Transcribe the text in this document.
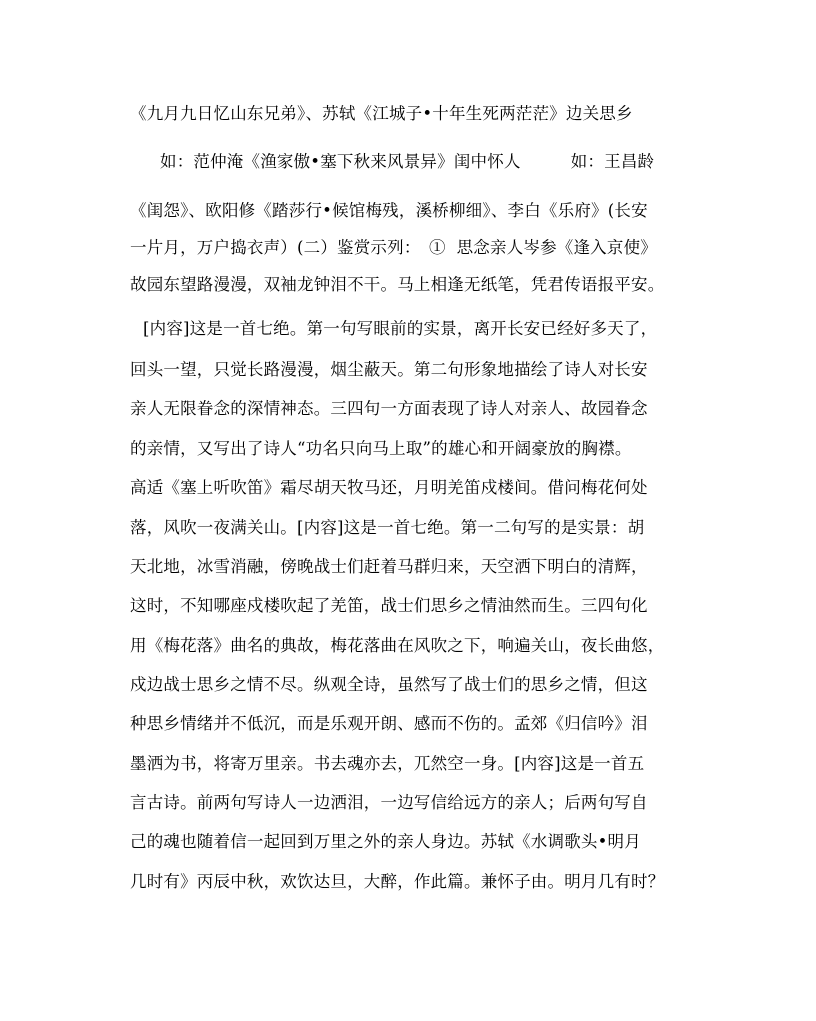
《九月九日忆山东兄弟》、苏轼《江城子•十年生死两茫茫》边关思乡
如：范仲淹《渔家傲•塞下秋来风景异》闺中怀人　　　如：王昌龄
《闺怨》、欧阳修《踏莎行•候馆梅残，溪桥柳细》、李白《乐府》(长安
一片月，万户捣衣声）(二）鉴赏示列：　①  思念亲人岑参《逢入京使》
故园东望路漫漫，双袖龙钟泪不干。马上相逢无纸笔，凭君传语报平安。
[内容]这是一首七绝。第一句写眼前的实景，离开长安已经好多天了，
回头一望，只觉长路漫漫，烟尘蔽天。第二句形象地描绘了诗人对长安
亲人无限眷念的深情神态。三四句一方面表现了诗人对亲人、故园眷念
的亲情，又写出了诗人“功名只向马上取”的雄心和开阔豪放的胸襟。
高适《塞上听吹笛》霜尽胡天牧马还，月明羌笛戍楼间。借问梅花何处
落，风吹一夜满关山。[内容]这是一首七绝。第一二句写的是实景：胡
天北地，冰雪消融，傍晚战士们赶着马群归来，天空洒下明白的清辉，
这时，不知哪座戍楼吹起了羌笛，战士们思乡之情油然而生。三四句化
用《梅花落》曲名的典故，梅花落曲在风吹之下，响遍关山，夜长曲悠，
戍边战士思乡之情不尽。纵观全诗，虽然写了战士们的思乡之情，但这
种思乡情绪并不低沉，而是乐观开朗、感而不伤的。孟郊《归信吟》泪
墨洒为书，将寄万里亲。书去魂亦去，兀然空一身。[内容]这是一首五
言古诗。前两句写诗人一边洒泪，一边写信给远方的亲人；后两句写自
己的魂也随着信一起回到万里之外的亲人身边。苏轼《水调歌头•明月
几时有》丙辰中秋，欢饮达旦，大醉，作此篇。兼怀子由。明月几有时？
